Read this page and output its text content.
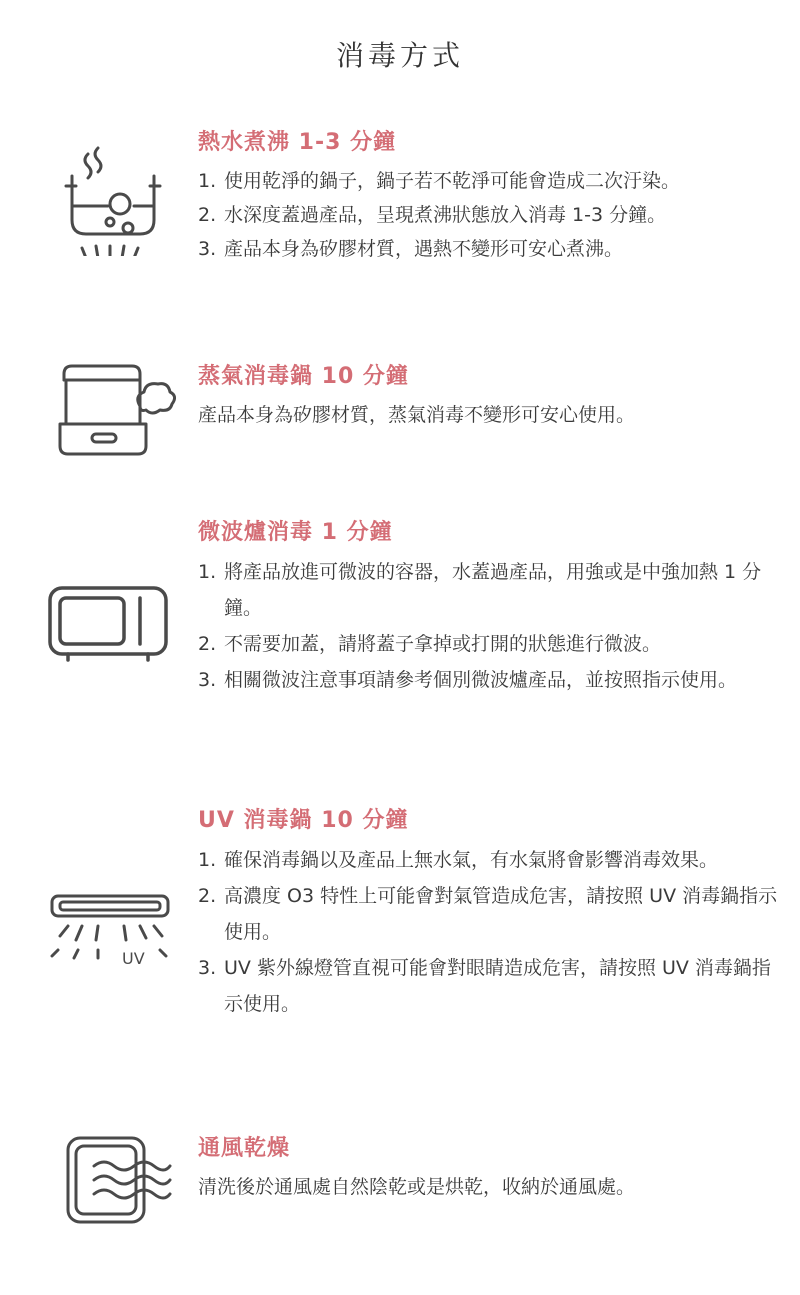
消毒方式
熱水煮沸 1-3 分鐘
1. 使用乾淨的鍋子，鍋子若不乾淨可能會造成二次汙染。
2. 水深度蓋過產品，呈現煮沸狀態放入消毒 1-3 分鐘。
3. 產品本身為矽膠材質，遇熱不變形可安心煮沸。
蒸氣消毒鍋 10 分鐘
產品本身為矽膠材質，蒸氣消毒不變形可安心使用。
微波爐消毒 1 分鐘
1. 將產品放進可微波的容器，水蓋過產品，用強或是中強加熱 1 分鐘。
2. 不需要加蓋，請將蓋子拿掉或打開的狀態進行微波。
3. 相關微波注意事項請參考個別微波爐產品，並按照指示使用。
UV
UV 消毒鍋 10 分鐘
1. 確保消毒鍋以及產品上無水氣，有水氣將會影響消毒效果。
2. 高濃度 O3 特性上可能會對氣管造成危害，請按照 UV 消毒鍋指示使用。
3. UV 紫外線燈管直視可能會對眼睛造成危害，請按照 UV 消毒鍋指示使用。
通風乾燥
清洗後於通風處自然陰乾或是烘乾，收納於通風處。
